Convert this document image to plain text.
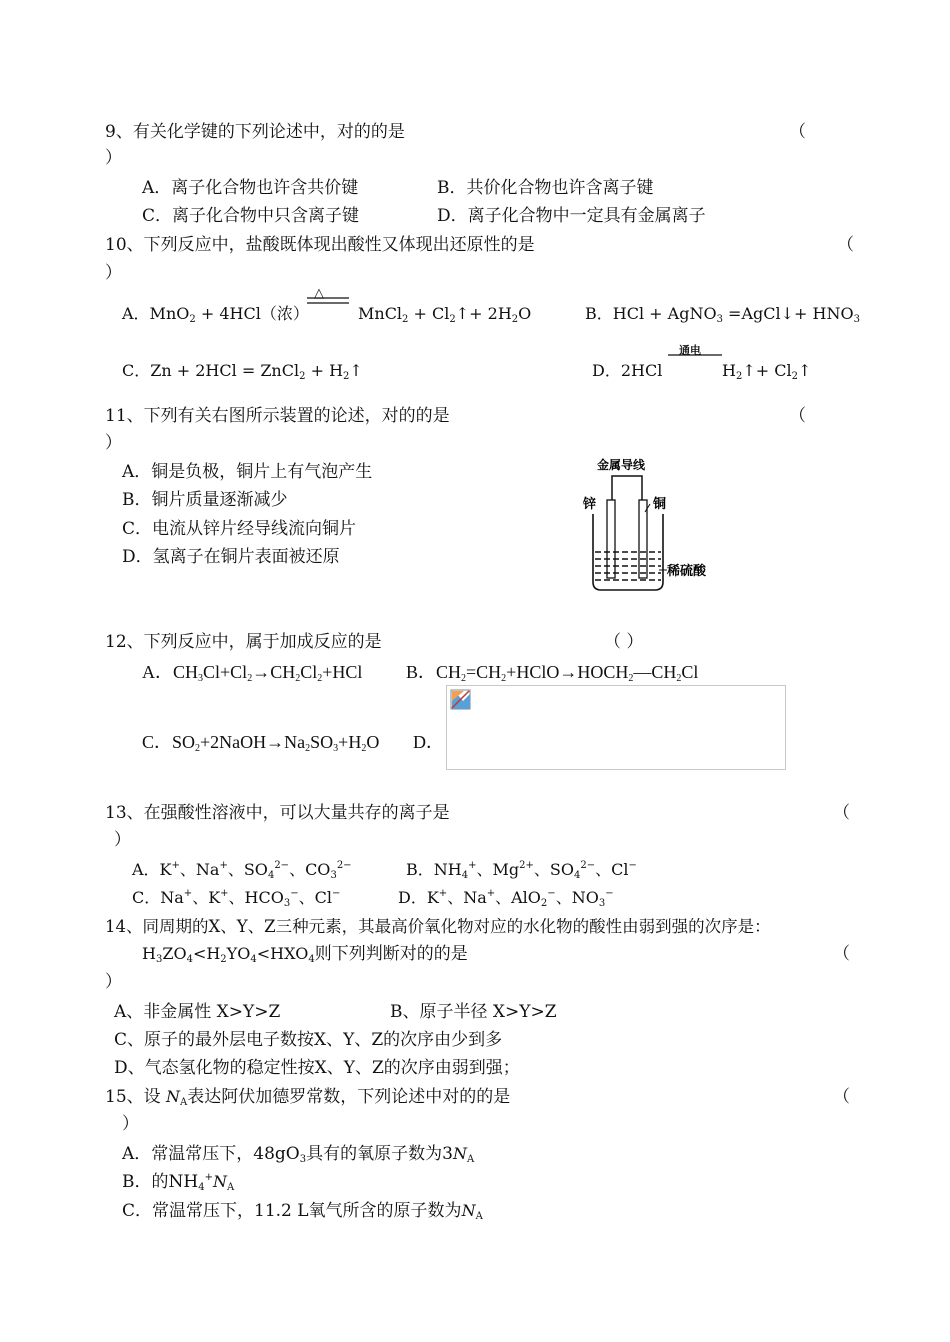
9、有关化学键的下列论述中，对的的是	（
）
A．离子化合物也许含共价键	B．共价化合物也许含离子键
C．离子化合物中只含离子键	D．离子化合物中一定具有金属离子
10、下列反应中，盐酸既体现出酸性又体现出还原性的是	（
）
A．MnO$_2$ + 4HCl（浓）
△
MnCl$_2$ + $Cl_2↑+ 2H_2O$	B．HCl + AgNO$_3$ =AgCl↓+ $HNO_3$
C．Zn + 2HCl = ZnCl$_2$ + $H_2↑$	D．2HCl
通电
$H_2↑+$ $Cl_2↑$
11、下列有关右图所示装置的论述，对的的是	（
）
A．铜是负极，铜片上有气泡产生
B．铜片质量逐渐减少
C．电流从锌片经导线流向铜片
D．氢离子在铜片表面被还原
金属导线
锌	铜
稀硫酸
12、下列反应中，属于加成反应的是	（ ）
A．$CH_3Cl+Cl_2\to CH_2Cl_2+HCl$ B．$CH_2=CH_2+HClO\to HOCH_2—CH_2Cl$
C．$SO_2+2NaOH\to Na_2SO_3+H_2O$ D．
13、在强酸性溶液中，可以大量共存的离子是	（
）
A．K+、Na+、$SO_4^{2-}$、$CO_3^{2-}$	B．$NH_4^+$、$Mg^{2+}$、$SO_4^{2-}$、Cl−
C．Na+、K+、$HCO_3^-$、Cl−	D．K+、Na+、AlO$_2$−、$NO_3^-$
14、同周期的X、Y、Z三种元素，其最高价氧化物对应的水化物的酸性由弱到强的次序是：
$H_3ZO_4<H_2YO_4<HXO_4$则下列判断对的的是	（
）
A、非金属性 X>Y>Z	B、原子半径 X>Y>Z
C、原子的最外层电子数按X、Y、Z的次序由少到多
D、气态氢化物的稳定性按X、Y、Z的次序由弱到强；
15、设 $N_A$表达阿伏加德罗常数，下列论述中对的的是	（
）
A．常温常压下，$48gO_3$具有的氧原子数为$3N_A$
B．的$NH_4^+N_A$
C．常温常压下，11.2 L氧气所含的原子数为$N_A$
